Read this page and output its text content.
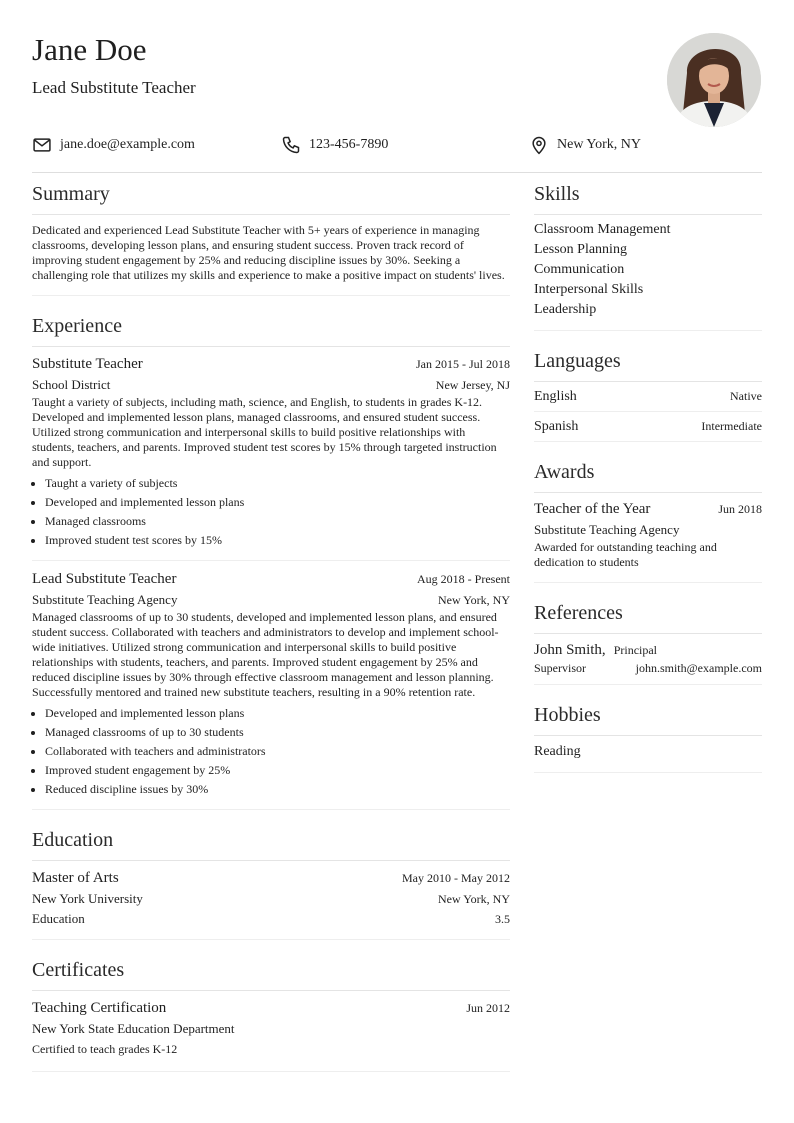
Jane Doe
Lead Substitute Teacher
jane.doe@example.com	123-456-7890	New York, NY
Summary
Dedicated and experienced Lead Substitute Teacher with 5+ years of experience in managing classrooms, developing lesson plans, and ensuring student success. Proven track record of improving student engagement by 25% and reducing discipline issues by 30%. Seeking a challenging role that utilizes my skills and experience to make a positive impact on students' lives.
Experience
Substitute Teacher	Jan 2015 - Jul 2018
School District	New Jersey, NJ
Taught a variety of subjects, including math, science, and English, to students in grades K-12. Developed and implemented lesson plans, managed classrooms, and ensured student success. Utilized strong communication and interpersonal skills to build positive relationships with students, teachers, and parents. Improved student test scores by 15% through targeted instruction and support.
• Taught a variety of subjects
• Developed and implemented lesson plans
• Managed classrooms
• Improved student test scores by 15%
Lead Substitute Teacher	Aug 2018 - Present
Substitute Teaching Agency	New York, NY
Managed classrooms of up to 30 students, developed and implemented lesson plans, and ensured student success. Collaborated with teachers and administrators to develop and implement school-wide initiatives. Utilized strong communication and interpersonal skills to build positive relationships with students, teachers, and parents. Improved student engagement by 25% and reduced discipline issues by 30% through effective classroom management and lesson planning. Successfully mentored and trained new substitute teachers, resulting in a 90% retention rate.
• Developed and implemented lesson plans
• Managed classrooms of up to 30 students
• Collaborated with teachers and administrators
• Improved student engagement by 25%
• Reduced discipline issues by 30%
Education
Master of Arts	May 2010 - May 2012
New York University	New York, NY
Education	3.5
Certificates
Teaching Certification	Jun 2012
New York State Education Department
Certified to teach grades K-12
Skills
Classroom Management
Lesson Planning
Communication
Interpersonal Skills
Leadership
Languages
English	Native
Spanish	Intermediate
Awards
Teacher of the Year	Jun 2018
Substitute Teaching Agency
Awarded for outstanding teaching and dedication to students
References
John Smith, Principal
Supervisor	john.smith@example.com
Hobbies
Reading
